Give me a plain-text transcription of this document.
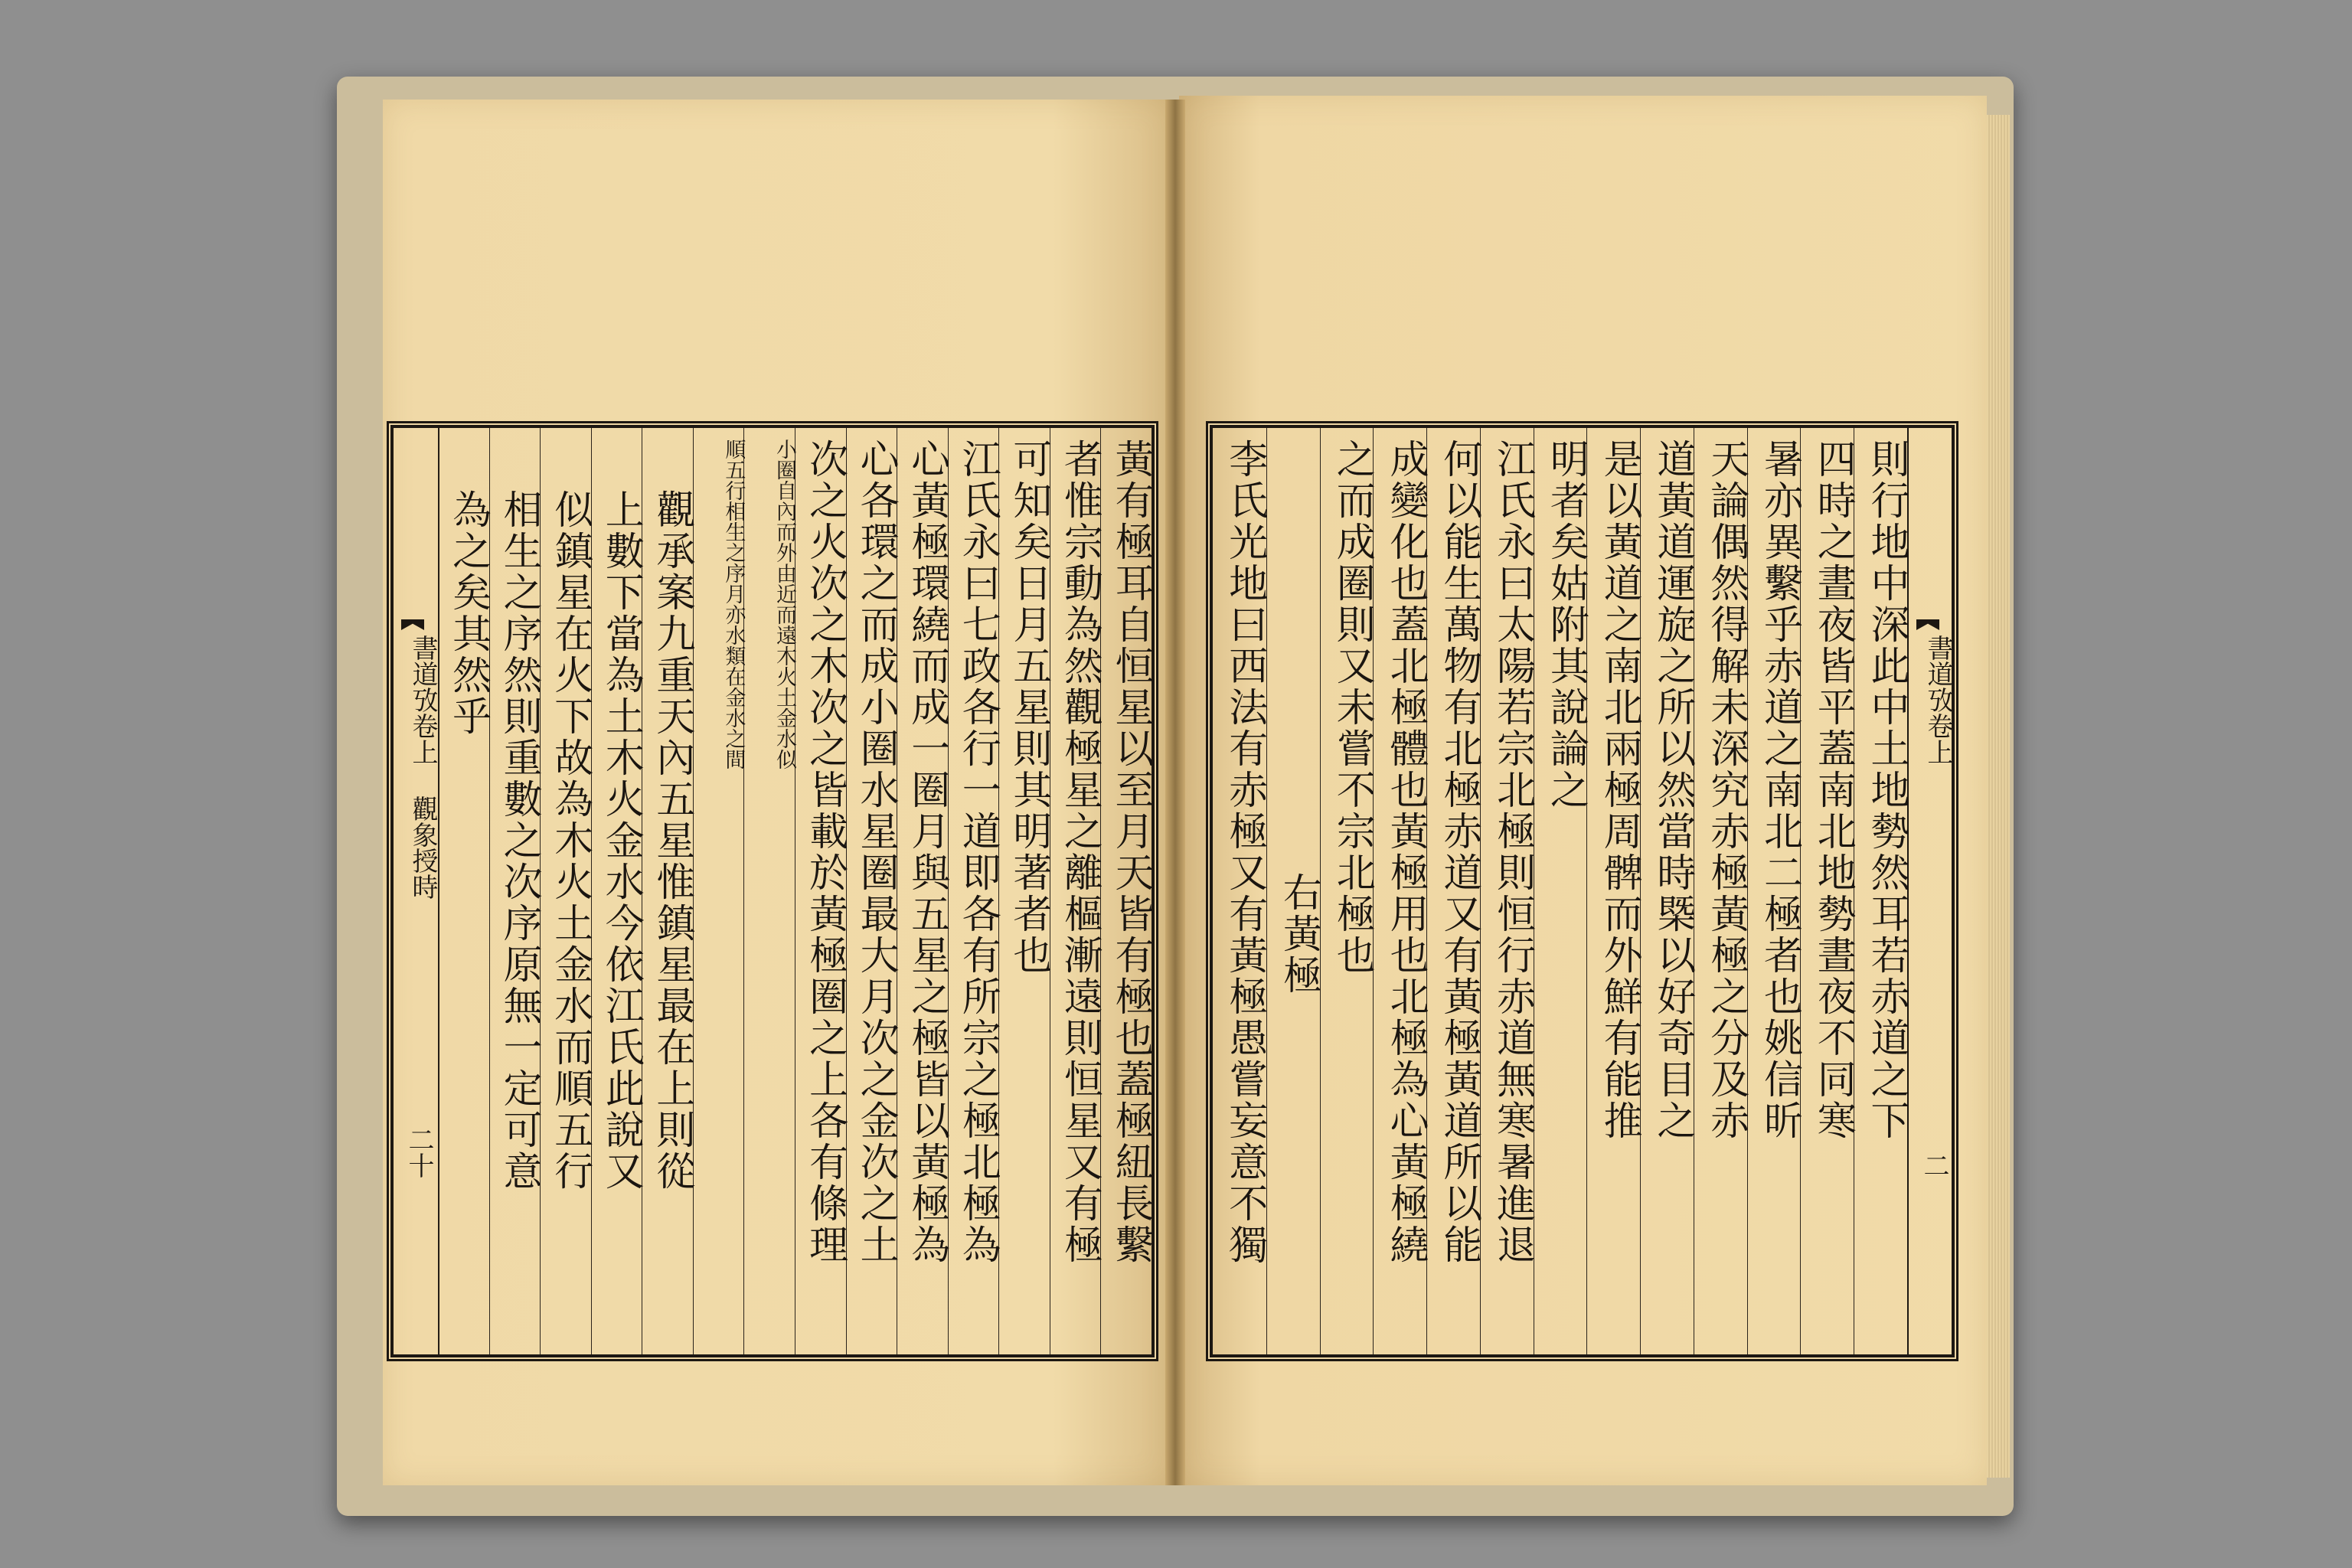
書道攷卷上 觀象授時
二十	黃有極耳自恒星以至月天皆有極也蓋極紐長繫
者惟宗動為然觀極星之離樞漸遠則恒星又有極
可知矣日月五星則其明著者也
江氏永曰七政各行一道即各有所宗之極北極為
心黃極環繞而成一圈月與五星之極皆以黃極為
心各環之而成小圈水星圈最大月次之金次之土
次之火次之木次之皆載於黃極圈之上各有條理
小圈自內而外由近而遠木火土金水似
順五行相生之序月亦水類在金水之間
觀承案九重天內五星惟鎮星最在上則從
上數下當為土木火金水今依江氏此說又
似鎮星在火下故為木火土金水而順五行
相生之序然則重數之次序原無一定可意
為之矣其然乎	書道攷卷上
二
則行地中深此中土地勢然耳若赤道之下
四時之晝夜皆平蓋南北地勢晝夜不同寒
暑亦異繫乎赤道之南北二極者也姚信昕
天論偶然得解未深究赤極黃極之分及赤
道黃道運旋之所以然當時槩以好奇目之
是以黃道之南北兩極周髀而外鮮有能推
明者矣姑附其說論之
江氏永曰太陽若宗北極則恒行赤道無寒暑進退
何以能生萬物有北極赤道又有黃極黃道所以能
成變化也蓋北極體也黃極用也北極為心黃極繞
之而成圈則又未嘗不宗北極也
右黃極
李氏光地曰西法有赤極又有黃極愚嘗妄意不獨
